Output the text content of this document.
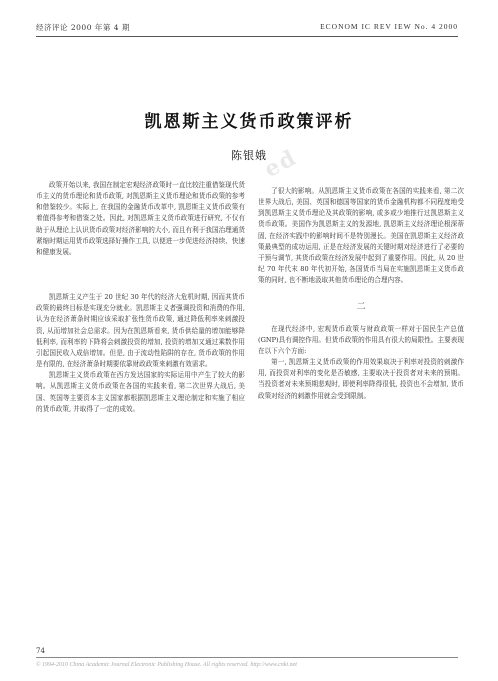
经济评论 2000 年第 4 期	ECONOM IC REV IEW No. 4 2000
ed
凯恩斯主义货币政策评析
陈银娥

政策开始以来, 我国在制定宏观经济政策时一直比较注重借鉴现代货币主义的货币理论和货币政策, 对凯恩斯主义货币理论和货币政策的参考和借鉴较少。实际上, 在我国的金融货币改革中, 凯恩斯主义货币政策有着值得参考和借鉴之处。因此, 对凯恩斯主义货币政策进行研究, 不仅有助于从理论上认识货币政策对经济影响的大小, 而且有利于我国治理通货紧缩时期运用货币政策选择好操作工具, 以便进一步促进经济持续、快速和健康发展。

凯恩斯主义产生于 20 世纪 30 年代的经济大危机时期, 因而其货币政策的最终目标是实现充分就业。凯恩斯主义者强调投资和消费的作用, 认为在经济萧条时期应该采取扩张性货币政策, 通过降低利率来刺激投资, 从而增加社会总需求。因为在凯恩斯看来, 货币供给量的增加能够降低利率, 而利率的下降将会刺激投资的增加, 投资的增加又通过乘数作用引起国民收入成倍增加。但是, 由于流动性陷阱的存在, 货币政策的作用是有限的, 在经济萧条时期要依靠财政政策来刺激有效需求。

凯恩斯主义货币政策在西方发达国家的实际运用中产生了较大的影响。从凯恩斯主义货币政策在各国的实践来看, 第二次世界大战后, 美国、英国等主要资本主义国家都根据凯恩斯主义理论制定和实施了相应的货币政策, 并取得了一定的成效。

了很大的影响。从凯恩斯主义货币政策在各国的实践来看, 第二次世界大战后, 美国、英国和德国等国家的货币金融机构都不同程度地受到凯恩斯主义货币理论及其政策的影响, 或多或少地推行过凯恩斯主义货币政策。美国作为凯恩斯主义的发源地, 凯恩斯主义经济理论根深蒂固, 在经济实践中的影响时间不是特别漫长。美国在凯恩斯主义经济政策最典型的成功运用, 正是在经济发展的关键时期对经济进行了必要的干预与调节, 其货币政策在经济发展中起到了重要作用。因此, 从 20 世纪 70 年代末 80 年代初开始, 各国货币当局在实施凯恩斯主义货币政策的同时, 也不断地汲取其他货币理论的合理内容。

二

在现代经济中, 宏观货币政策与财政政策一样对于国民生产总值(GNP)具有调控作用。但货币政策的作用具有很大的局限性。主要表现在以下六个方面:

第一, 凯恩斯主义货币政策的作用效果取决于利率对投资的刺激作用, 而投资对利率的变化是否敏感, 主要取决于投资者对未来的预期。当投资者对未来预期悲观时, 即使利率降得很低, 投资也不会增加, 货币政策对经济的刺激作用就会受到限制。

74
© 1994-2010 China Academic Journal Electronic Publishing House. All rights reserved. http://www.cnki.net
